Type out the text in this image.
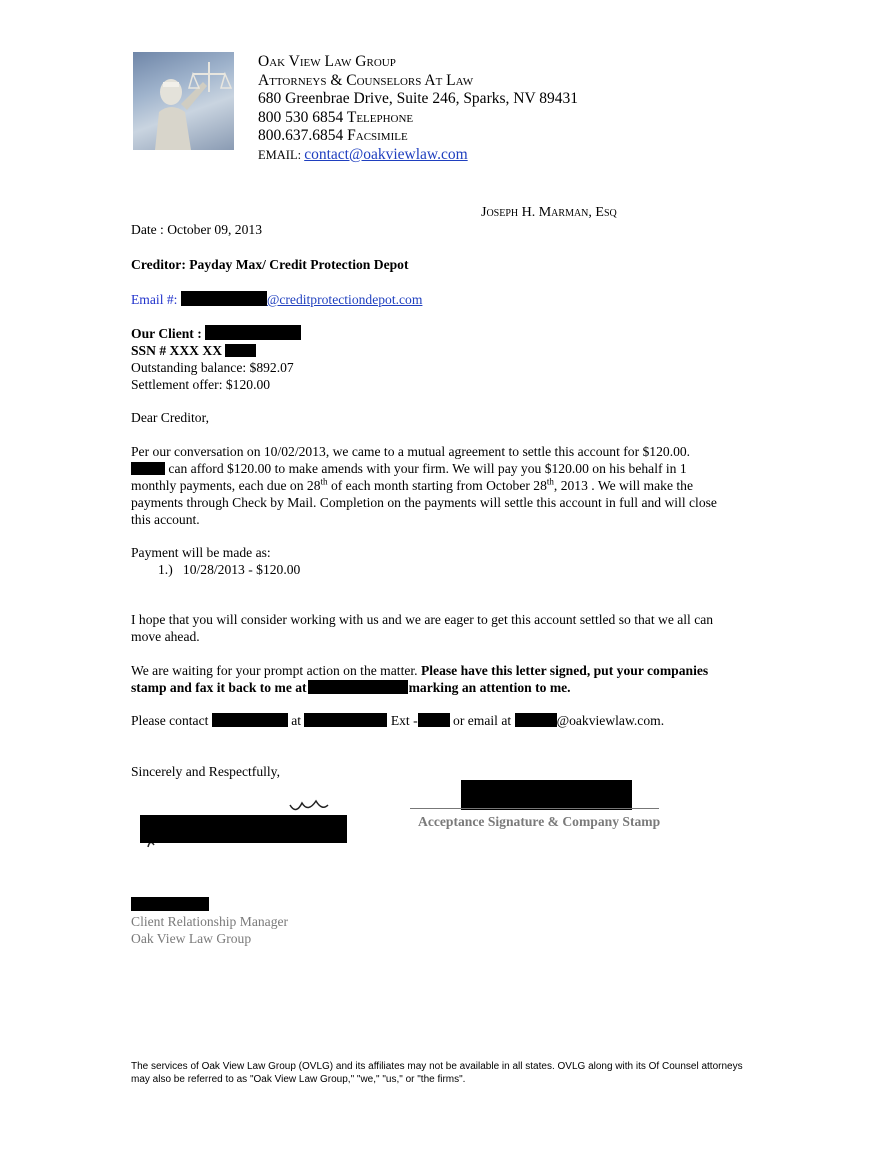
Oak View Law Group
Attorneys & Counselors At Law
680 Greenbrae Drive, Suite 246, Sparks, NV 89431
800 530 6854 Telephone
800.637.6854 Facsimile
EMAIL: contact@oakviewlaw.com
Joseph H. Marman, Esq
Date : October 09, 2013
Creditor: Payday Max/ Credit Protection Depot
Email #:	@creditprotectiondepot.com
Our Client :
SSN # XXX XX
Outstanding balance: $892.07
Settlement offer: $120.00
Dear Creditor,
Per our conversation on 10/02/2013, we came to a mutual agreement to settle this account for $120.00.
can afford $120.00 to make amends with your firm. We will pay you $120.00 on his behalf in 1
monthly payments, each due on 28th of each month starting from October 28th, 2013 . We will make the
payments through Check by Mail. Completion on the payments will settle this account in full and will close
this account.
Payment will be made as:
1.)   10/28/2013 - $120.00
I hope that you will consider working with us and we are eager to get this account settled so that we all can
move ahead.
We are waiting for your prompt action on the matter. Please have this letter signed, put your companies
stamp and fax it back to me at	marking an attention to me.
Please contact	at	Ext -	or email at	@oakviewlaw.com.
Sincerely and Respectfully,
Acceptance Signature & Company Stamp
Client Relationship Manager
Oak View Law Group
The services of Oak View Law Group (OVLG) and its affiliates may not be available in all states. OVLG along with its Of Counsel attorneys
may also be referred to as "Oak View Law Group," "we," "us," or "the firms".
